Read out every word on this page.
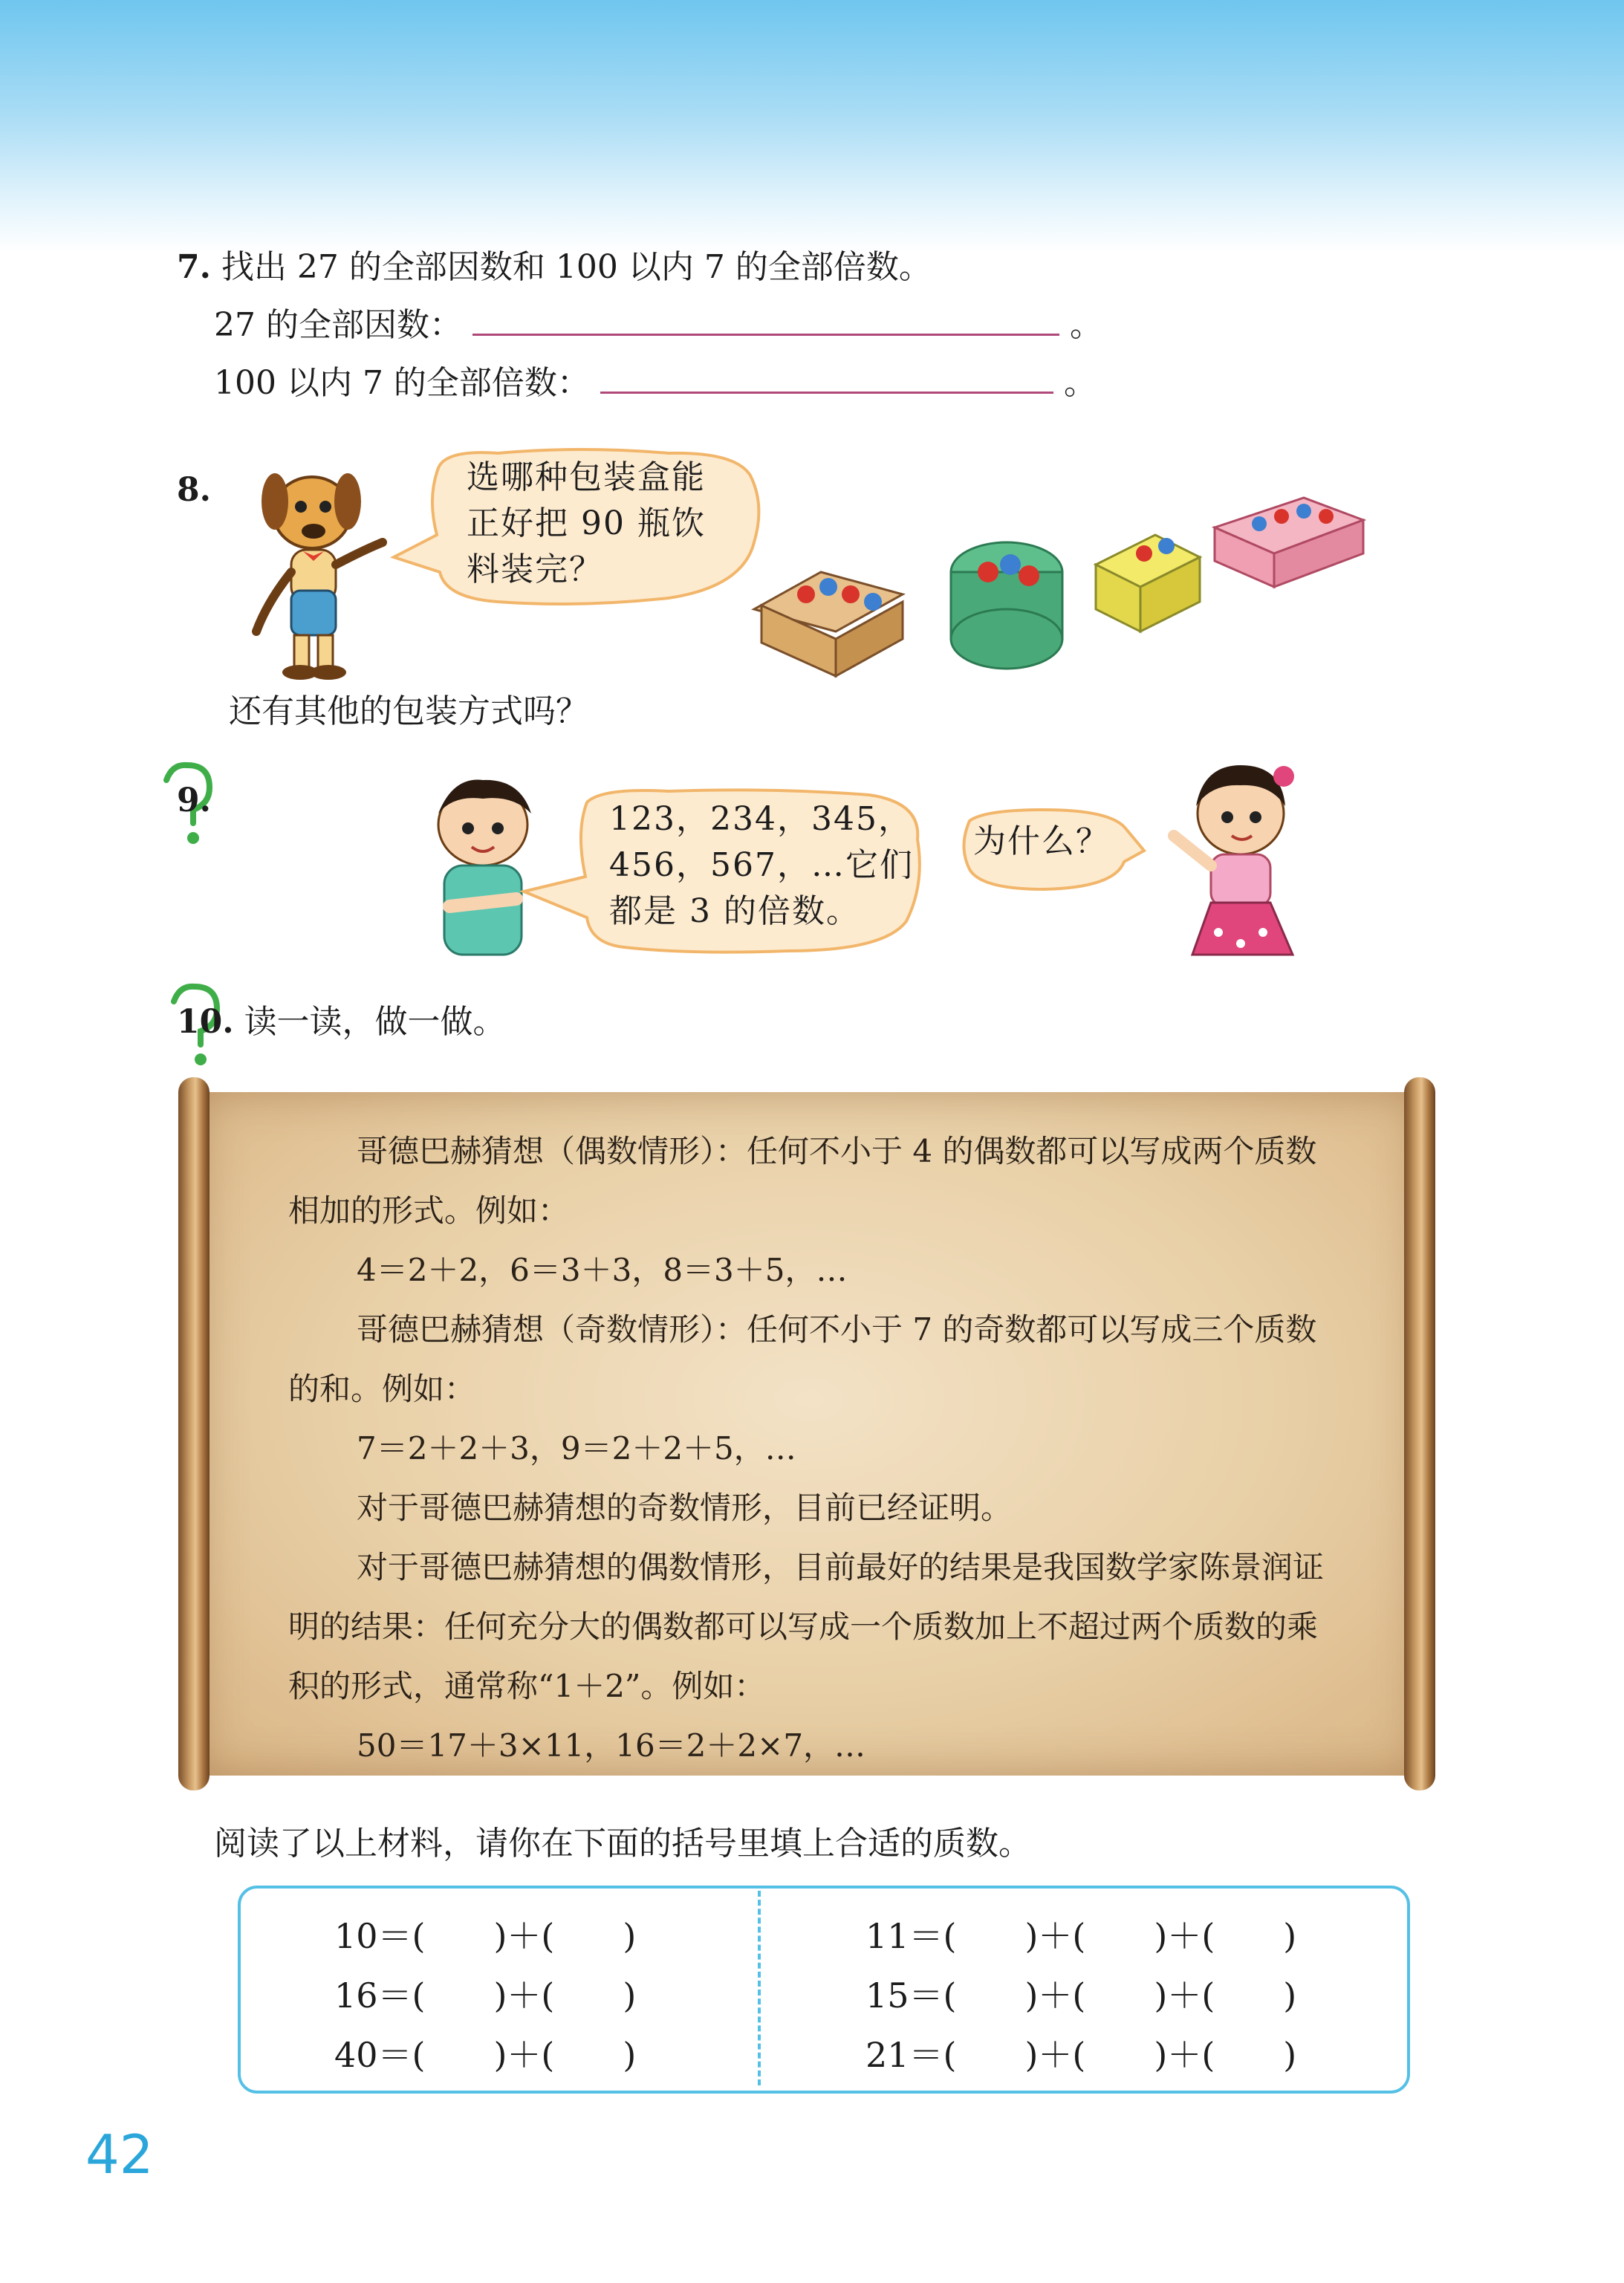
7. 找出 27 的全部因数和 100 以内 7 的全部倍数。
27 的全部因数：	。
100 以内 7 的全部倍数：	。
8.	选哪种包装盒能
正好把 90 瓶饮
料装完？
还有其他的包装方式吗？
9.	123，234，345，
456，567，…它们
都是 3 的倍数。
为什么？
10. 读一读，做一做。
哥德巴赫猜想（偶数情形）：任何不小于 4 的偶数都可以写成两个质数
相加的形式。例如：
4＝2＋2，6＝3＋3，8＝3＋5，…
哥德巴赫猜想（奇数情形）：任何不小于 7 的奇数都可以写成三个质数
的和。例如：
7＝2＋2＋3，9＝2＋2＋5，…
对于哥德巴赫猜想的奇数情形，目前已经证明。
对于哥德巴赫猜想的偶数情形，目前最好的结果是我国数学家陈景润证
明的结果：任何充分大的偶数都可以写成一个质数加上不超过两个质数的乘
积的形式，通常称“1＋2”。例如：
50＝17＋3×11，16＝2＋2×7，…
阅读了以上材料，请你在下面的括号里填上合适的质数。
10＝(　　)＋(　　)
16＝(　　)＋(　　)
40＝(　　)＋(　　)
11＝(　　)＋(　　)＋(　　)
15＝(　　)＋(　　)＋(　　)
21＝(　　)＋(　　)＋(　　)
42
